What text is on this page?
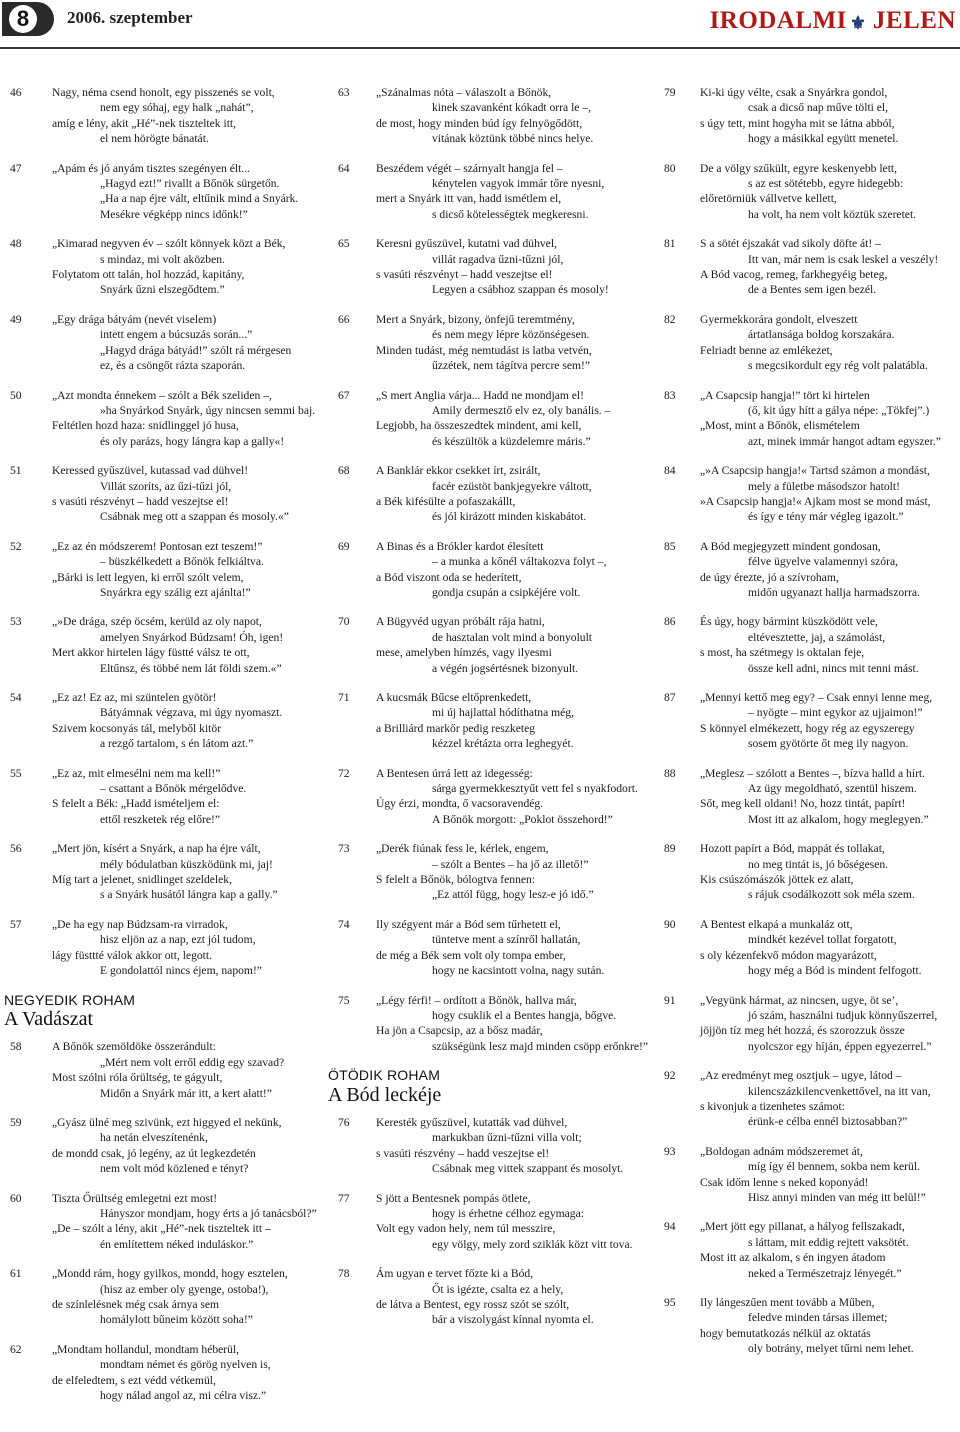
8	2006. szeptember	IRODALMI ⚜ JELEN
46	Nagy, néma csend honolt, egy pisszenés se volt,
nem egy sóhaj, egy halk „nahát”,
amíg e lény, akit „Hé”-nek tiszteltek itt,
el nem hörögte bánatát.
47	„Apám és jó anyám tisztes szegényen élt...
„Hagyd ezt!” rivallt a Bőnök sürgetőn.
„Ha a nap éjre vált, eltűnik mind a Snyárk.
Mesékre végképp nincs időnk!”
48	„Kimarad negyven év – szólt könnyek közt a Bék,
s mindaz, mi volt aközben.
Folytatom ott talán, hol hozzád, kapitány,
Snyárk űzni elszegődtem.”
49	„Egy drága bátyám (nevét viselem)
intett engem a búcsuzás során...”
„Hagyd drága bátyád!” szólt rá mérgesen
ez, és a csöngőt rázta szaporán.
50	„Azt mondta énnekem – szólt a Bék szeliden –,
»ha Snyárkod Snyárk, úgy nincsen semmi baj.
Feltétlen hozd haza: snidlinggel jó husa,
és oly parázs, hogy lángra kap a gally«!
51	Keressed gyűszüvel, kutassad vad dühvel!
Villát szoríts, az űzi-tűzi jól,
s vasúti részvényt – hadd veszejtse el!
Csábnak meg ott a szappan és mosoly.«”
52	„Ez az én módszerem! Pontosan ezt teszem!”
– büszkélkedett a Bőnök felkiáltva.
„Bárki is lett legyen, ki erről szólt velem,
Snyárkra egy szálig ezt ajánlta!”
53	„»De drága, szép öcsém, kerüld az oly napot,
amelyen Snyárkod Búdzsam! Óh, igen!
Mert akkor hirtelen lágy füstté válsz te ott,
Eltűnsz, és többé nem lát földi szem.«”
54	„Ez az! Ez az, mi szüntelen gyötör!
Bátyámnak végzava, mi úgy nyomaszt.
Szivem kocsonyás tál, melyből kitör
a rezgő tartalom, s én látom azt.”
55	„Ez az, mit elmesélni nem ma kell!”
– csattant a Bőnök mérgelődve.
S felelt a Bék: „Hadd ismételjem el:
ettől reszketek rég előre!”
56	„Mert jön, kísért a Snyárk, a nap ha éjre vált,
mély bódulatban küszködünk mi, jaj!
Míg tart a jelenet, snidlinget szeldelek,
s a Snyárk husától lángra kap a gally.”
57	„De ha egy nap Búdzsam-ra virradok,
hisz eljön az a nap, ezt jól tudom,
lágy füsttté válok akkor ott, legott.
E gondolattól nincs éjem, napom!”
NEGYEDIK ROHAM
A Vadászat
58	A Bőnök szemöldöke összerándult:
„Mért nem volt erről eddig egy szavad?
Most szólni róla őrültség, te gágyult,
Midőn a Snyárk már itt, a kert alatt!”
59	„Gyász ülné meg szivünk, ezt higgyed el nekünk,
ha netán elveszítenénk,
de mondd csak, jó legény, az út legkezdetén
nem volt mód közlened e tényt?
60	Tiszta Őrültség emlegetni ezt most!
Hányszor mondjam, hogy érts a jó tanácsból?”
„De – szólt a lény, akit „Hé”-nek tiszteltek itt –
én említettem néked induláskor.”
61	„Mondd rám, hogy gyilkos, mondd, hogy esztelen,
(hisz az ember oly gyenge, ostoba!),
de színlelésnek még csak árnya sem
homálylott bűneim között soha!”
62	„Mondtam hollandul, mondtam héberül,
mondtam német és görög nyelven is,
de elfeledtem, s ezt védd vétkemül,
hogy nálad angol az, mi célra visz.”
63 „Szánalmas nóta – válaszolt a Bőnök,
kinek szavanként kókadt orra le –,
de most, hogy minden búd így felnyögődött,
vitának köztünk többé nincs helye.
64 Beszédem végét – szárnyalt hangja fel –
kénytelen vagyok immár tőre nyesni,
mert a Snyárk itt van, hadd ismétlem el,
s dicső kötelességtek megkeresni.
65 Keresni gyűszüvel, kutatni vad dühvel,
villát ragadva űzni-tűzni jól,
s vasúti részvényt – hadd veszejtse el!
Legyen a csábhoz szappan és mosoly!
66 Mert a Snyárk, bizony, önfejű teremtmény,
és nem megy lépre közönségesen.
Minden tudást, még nemtudást is latba vetvén,
űzzétek, nem tágítva percre sem!”
67 „S mert Anglia várja... Hadd ne mondjam el!
Amily dermesztő elv ez, oly banális. –
Legjobb, ha összeszedtek mindent, ami kell,
és készültök a küzdelemre máris.”
68 A Banklár ekkor csekket írt, zsirált,
facér ezüstöt bankjegyekre váltott,
a Bék kifésülte a pofaszakállt,
és jól kirázott minden kiskabátot.
69 A Binas és a Brókler kardot élesített
– a munka a kőnél váltakozva folyt –,
a Bód viszont oda se hederített,
gondja csupán a csipkéjére volt.
70 A Bügyvéd ugyan próbált rája hatni,
de hasztalan volt mind a bonyolult
mese, amelyben hímzés, vagy ilyesmi
a végén jogsértésnek bizonyult.
71 A kucsmák Bűcse eltőprenkedett,
mi új hajlattal hódíthatna még,
a Brilliárd markőr pedig reszketeg
kézzel krétázta orra leghegyét.
72 A Bentesen úrrá lett az idegesség:
sárga gyermekkesztyűt vett fel s nyakfodort.
Úgy érzi, mondta, ő vacsoravendég.
A Bőnök morgott: „Poklot összehord!”
73 „Derék fiúnak fess le, kérlek, engem,
– szólt a Bentes – ha jő az illető!”
S felelt a Bőnök, bólogtva fennen:
„Ez attól függ, hogy lesz-e jó idő.”
74 Ily szégyent már a Bód sem tűrhetett el,
tüntetve ment a színről hallatán,
de még a Bék sem volt oly tompa ember,
hogy ne kacsintott volna, nagy sután.
75 „Légy férfi! – ordított a Bőnök, hallva már,
hogy csuklik el a Bentes hangja, bőgve.
Ha jön a Csapcsip, az a bősz madár,
szükségünk lesz majd minden csöpp erőnkre!”
ÖTÖDIK ROHAM
A Bód leckéje
76 Keresték gyűszüvel, kutatták vad dühvel,
markukban űzni-tűzni villa volt;
s vasúti részvény – hadd veszejtse el!
Csábnak meg vittek szappant és mosolyt.
77 S jött a Bentesnek pompás ötlete,
hogy is érhetne célhoz egymaga:
Volt egy vadon hely, nem túl messzire,
egy völgy, mely zord sziklák közt vitt tova.
78 Ám ugyan e tervet főzte ki a Bód,
Őt is igézte, csalta ez a hely,
de látva a Bentest, egy rossz szót se szólt,
bár a viszolygást kínnal nyomta el.
79 Ki-ki úgy vélte, csak a Snyárkra gondol,
csak a dicső nap műve tölti el,
s úgy tett, mint hogyha mit se látna abból,
hogy a másikkal együtt menetel.
80 De a völgy szűkült, egyre keskenyebb lett,
s az est sötétebb, egyre hidegebb:
előretörniük vállvetve kellett,
ha volt, ha nem volt köztük szeretet.
81 S a sötét éjszakát vad sikoly döfte át! –
Itt van, már nem is csak leskel a veszély!
A Bód vacog, remeg, farkhegyéig beteg,
de a Bentes sem igen bezél.
82 Gyermekkorára gondolt, elveszett
ártatlansága boldog korszakára.
Felriadt benne az emlékezet,
s megcsikordult egy rég volt palatábla.
83 „A Csapcsip hangja!” tört ki hirtelen
(ő, kit úgy hítt a gálya népe: „Tökfej”.)
„Most, mint a Bőnök, elismételem
azt, minek immár hangot adtam egyszer.”
84 „»A Csapcsip hangja!« Tartsd számon a mondást,
mely a fületbe másodszor hatolt!
»A Csapcsip hangja!« Ajkam most se mond mást,
és így e tény már végleg igazolt.”
85 A Bód megjegyzett mindent gondosan,
félve ügyelve valamennyi szóra,
de úgy érezte, jó a szívroham,
midőn ugyanazt hallja harmadszorra.
86 És úgy, hogy bármint küszködött vele,
eltévesztette, jaj, a számolást,
s most, ha szétmegy is oktalan feje,
össze kell adni, nincs mit tenni mást.
87 „Mennyi kettő meg egy? – Csak ennyi lenne meg,
– nyögte – mint egykor az ujjaimon!”
S könnyel elmékezett, hogy rég az egyszeregy
sosem gyötörte őt meg ily nagyon.
88 „Meglesz – szólott a Bentes –, bízva halld a hírt.
Az ügy megoldható, szentül hiszem.
Sőt, meg kell oldani! No, hozz tintát, papírt!
Most itt az alkalom, hogy meglegyen.”
89 Hozott papírt a Bód, mappát és tollakat,
no meg tintát is, jó bőségesen.
Kis csúszómászók jöttek ez alatt,
s rájuk csodálkozott sok méla szem.
90 A Bentest elkapá a munkaláz ott,
mindkét kezével tollat forgatott,
s oly kézenfekvő módon magyarázott,
hogy még a Bód is mindent felfogott.
91 „Vegyünk hármat, az nincsen, ugye, öt se’,
jó szám, használni tudjuk könnyűszerrel,
jöjjön tíz meg hét hozzá, és szorozzuk össze
nyolcszor egy híján, éppen egyezerrel.”
92 „Az eredményt meg osztjuk – ugye, látod –
kilencszázkilencvenkettővel, na itt van,
s kivonjuk a tizenhetes számot:
érünk-e célba ennél biztosabban?”
93 „Boldogan adnám módszeremet át,
míg így él bennem, sokba nem kerül.
Csak időm lenne s neked koponyád!
Hisz annyi minden van még itt belül!”
94 „Mert jött egy pillanat, a hályog fellszakadt,
s láttam, mit eddig rejtett vaksötét.
Most itt az alkalom, s én ingyen átadom
neked a Természetrajz lényegét.”
95 Ily lángeszűen ment tovább a Műben,
feledve minden társas illemet;
hogy bemutatkozás nélkül az oktatás
oly botrány, melyet tűrni nem lehet.
